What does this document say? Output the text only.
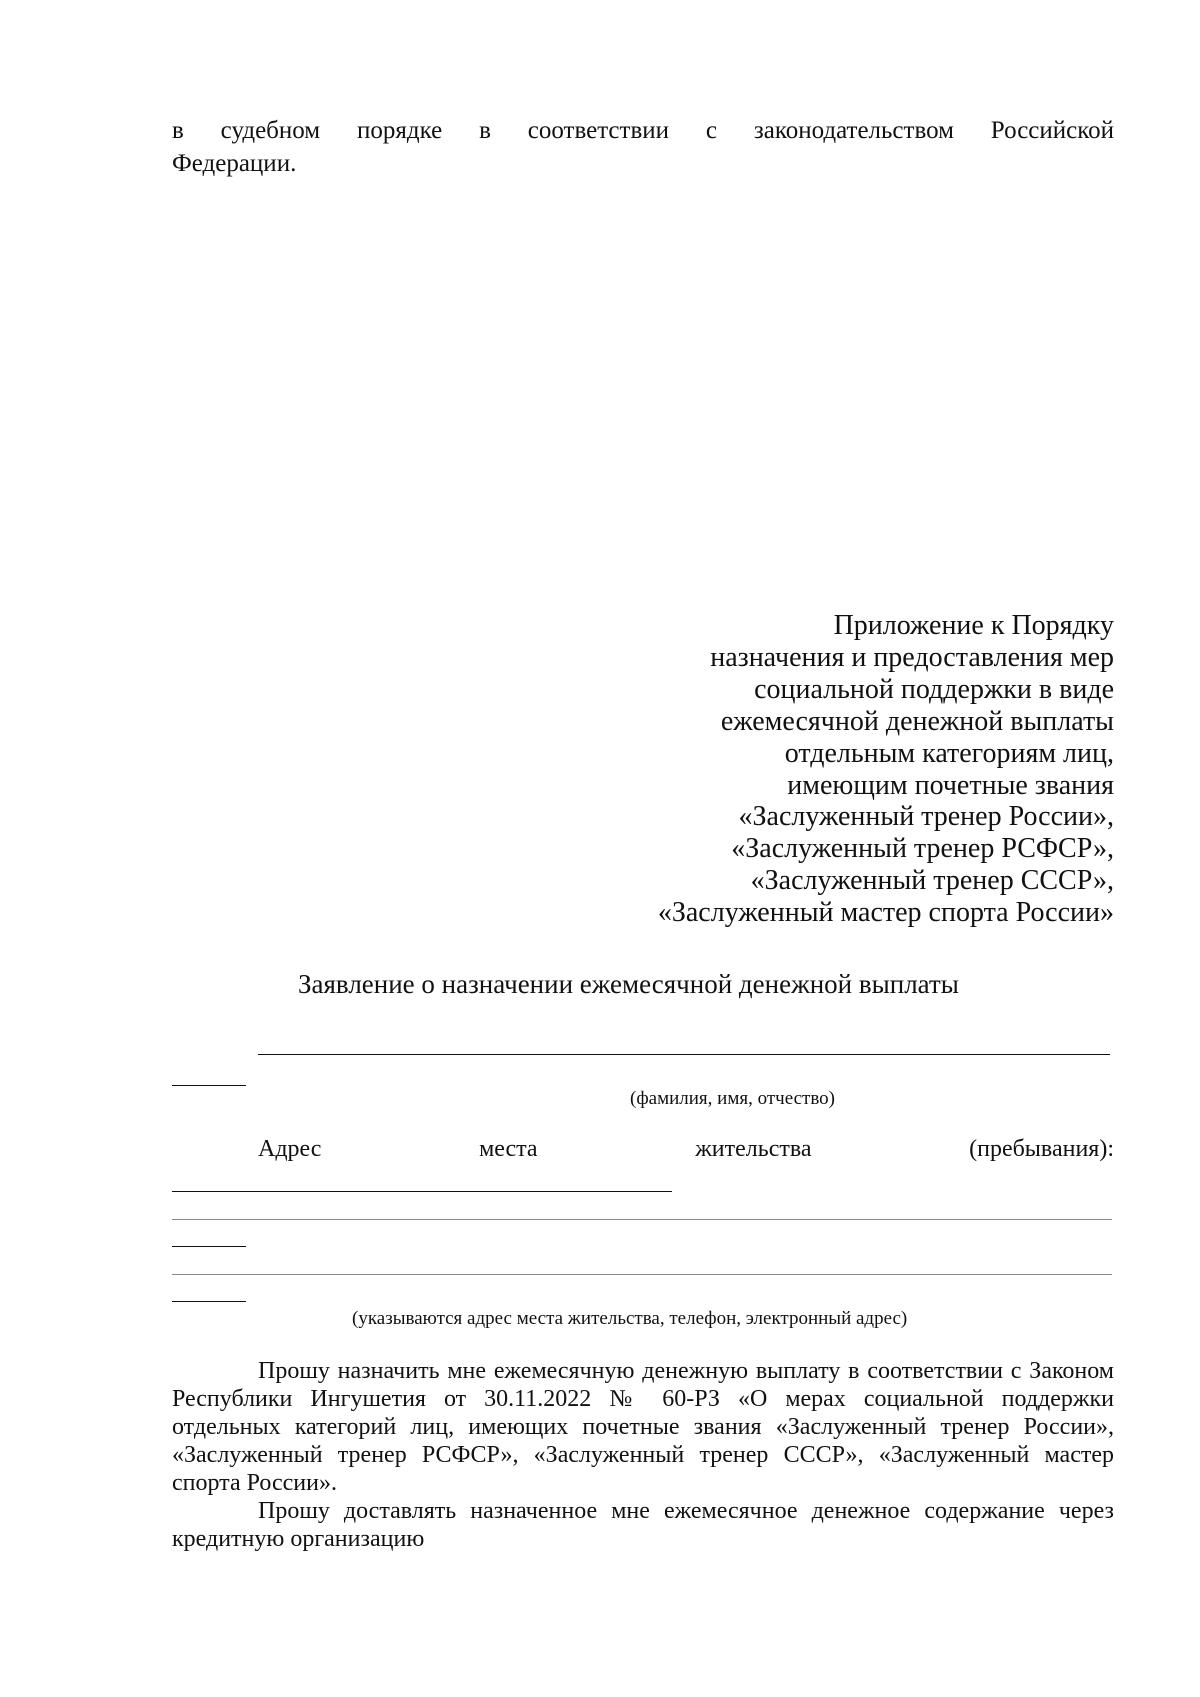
в судебном порядке в соответствии с законодательством Российской
Федерации.
Приложение к Порядку
назначения и предоставления мер
социальной поддержки в виде
ежемесячной денежной выплаты
отдельным категориям лиц,
имеющим почетные звания
«Заслуженный тренер России»,
«Заслуженный тренер РСФСР»,
«Заслуженный тренер СССР»,
«Заслуженный мастер спорта России»
Заявление о назначении ежемесячной денежной выплаты
(фамилия, имя, отчество)
Адрес	места	жительства	(пребывания):
(указываются адрес места жительства, телефон, электронный адрес)
Прошу назначить мне ежемесячную денежную выплату в соответствии с Законом
Республики Ингушетия от 30.11.2022 № 60-РЗ «О мерах социальной поддержки
отдельных категорий лиц, имеющих почетные звания «Заслуженный тренер России»,
«Заслуженный тренер РСФСР», «Заслуженный тренер СССР», «Заслуженный мастер
спорта России».
Прошу доставлять назначенное мне ежемесячное денежное содержание через
кредитную организацию
